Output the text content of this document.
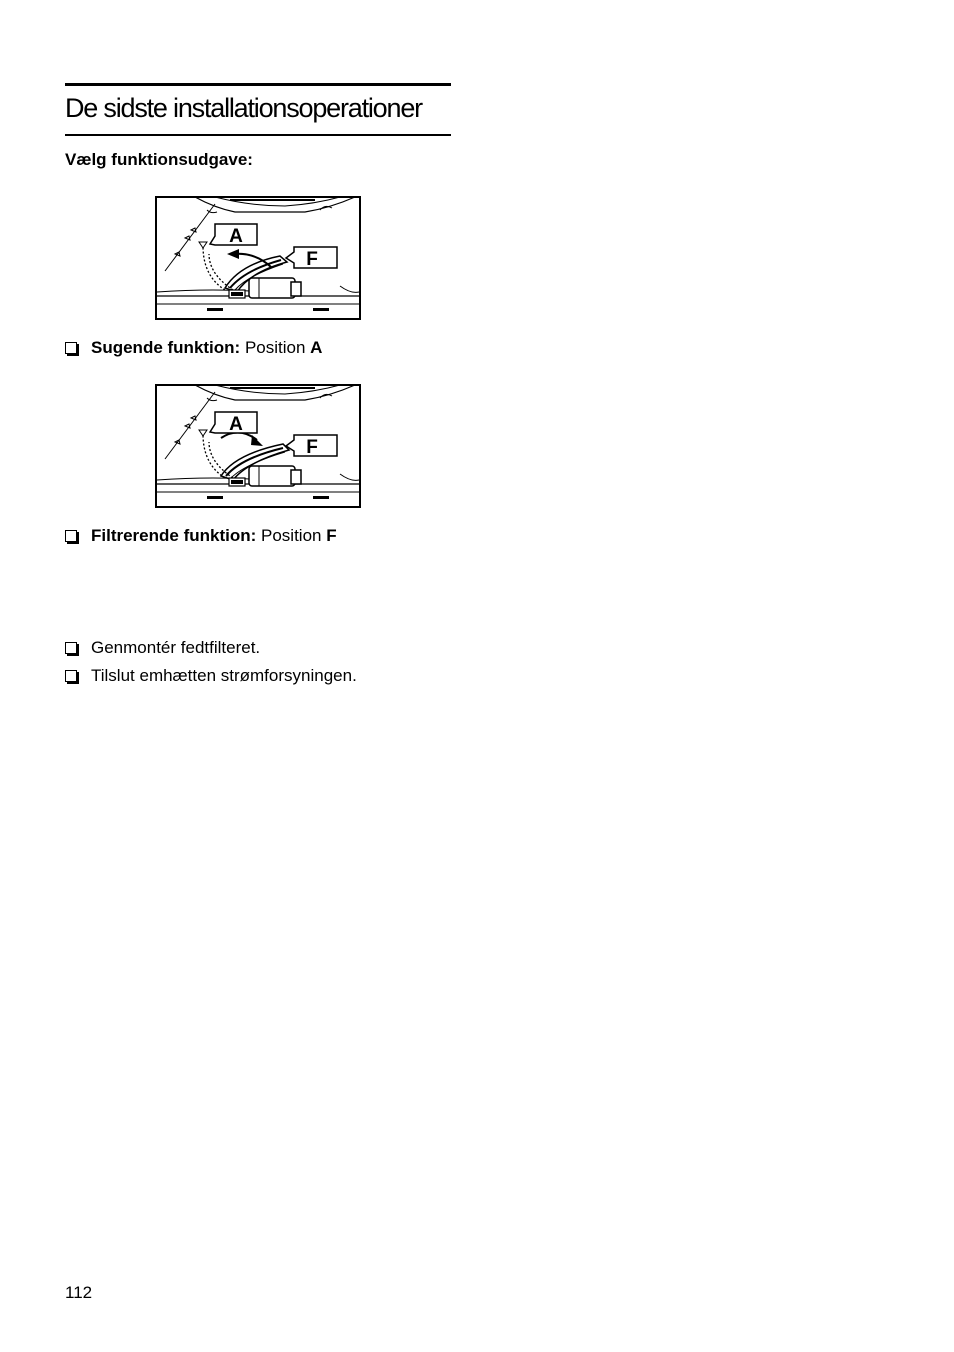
De sidste installationsoperationer
Vælg funktionsudgave:
A
F
Sugende funktion: Position A
A
F
Filtrerende funktion: Position F
Genmontér fedtfilteret.
Tilslut emhætten strømforsyningen.
112
